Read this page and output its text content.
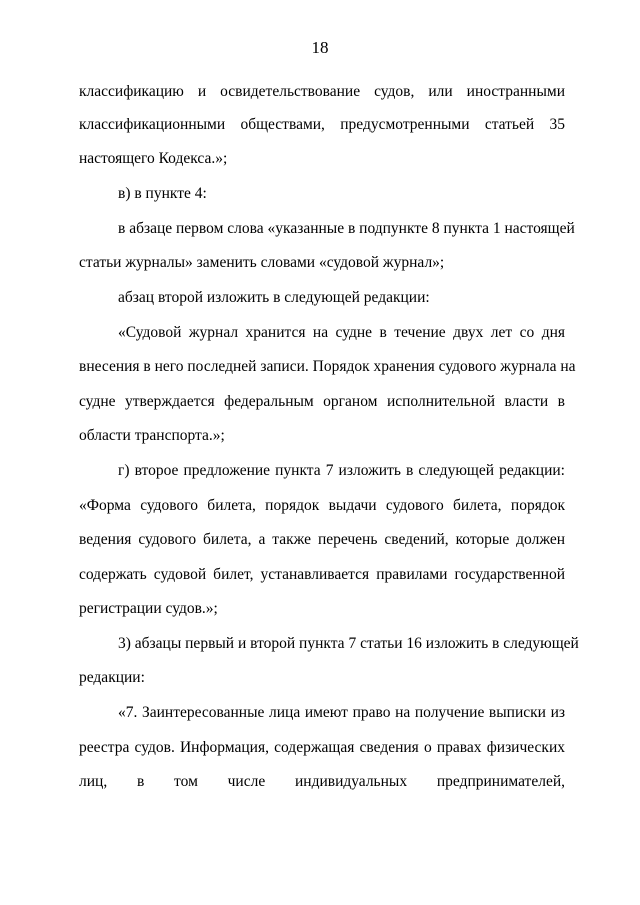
18
классификацию и освидетельствование судов, или иностранными
классификационными обществами, предусмотренными статьей 35
настоящего Кодекса.»;
в) в пункте 4:
в абзаце первом слова «указанные в подпункте 8 пункта 1 настоящей
статьи журналы» заменить словами «судовой журнал»;
абзац второй изложить в следующей редакции:
«Судовой журнал хранится на судне в течение двух лет со дня
внесения в него последней записи. Порядок хранения судового журнала на
судне утверждается федеральным органом исполнительной власти в
области транспорта.»;
г) второе предложение пункта 7 изложить в следующей редакции:
«Форма судового билета, порядок выдачи судового билета, порядок
ведения судового билета, а также перечень сведений, которые должен
содержать судовой билет, устанавливается правилами государственной
регистрации судов.»;
3) абзацы первый и второй пункта 7 статьи 16 изложить в следующей
редакции:
«7. Заинтересованные лица имеют право на получение выписки из
реестра судов. Информация, содержащая сведения о правах физических
лиц, в том числе индивидуальных предпринимателей,
